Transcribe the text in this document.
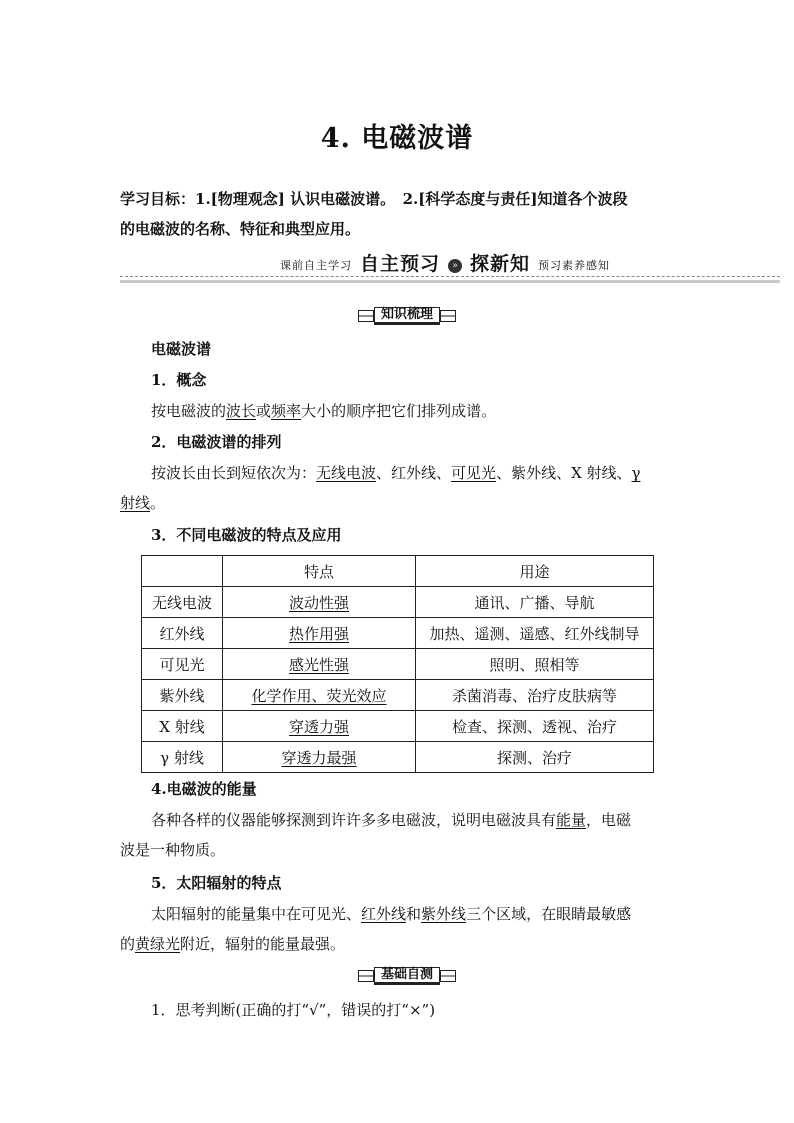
4. 电磁波谱
学习目标：1.[物理观念] 认识电磁波谱。　2.[科学态度与责任]知道各个波段
的电磁波的名称、特征和典型应用。
课前自主学习 自主预习	» 探新知 预习素养感知
知识梳理
电磁波谱
1．概念
按电磁波的波长或频率大小的顺序把它们排列成谱。
2．电磁波谱的排列
按波长由长到短依次为：无线电波、红外线、可见光、紫外线、X 射线、γ
射线。
3．不同电磁波的特点及应用
	特点	用途
无线电波	波动性强	通讯、广播、导航
红外线	热作用强	加热、遥测、遥感、红外线制导
可见光	感光性强	照明、照相等
紫外线	化学作用、荧光效应	杀菌消毒、治疗皮肤病等
X 射线	穿透力强	检查、探测、透视、治疗
γ 射线	穿透力最强	探测、治疗
4.电磁波的能量
各种各样的仪器能够探测到许许多多电磁波，说明电磁波具有能量，电磁
波是一种物质。
5．太阳辐射的特点
太阳辐射的能量集中在可见光、红外线和紫外线三个区域，在眼睛最敏感
的黄绿光附近，辐射的能量最强。
基础自测
1．思考判断(正确的打“√”，错误的打“×”)
